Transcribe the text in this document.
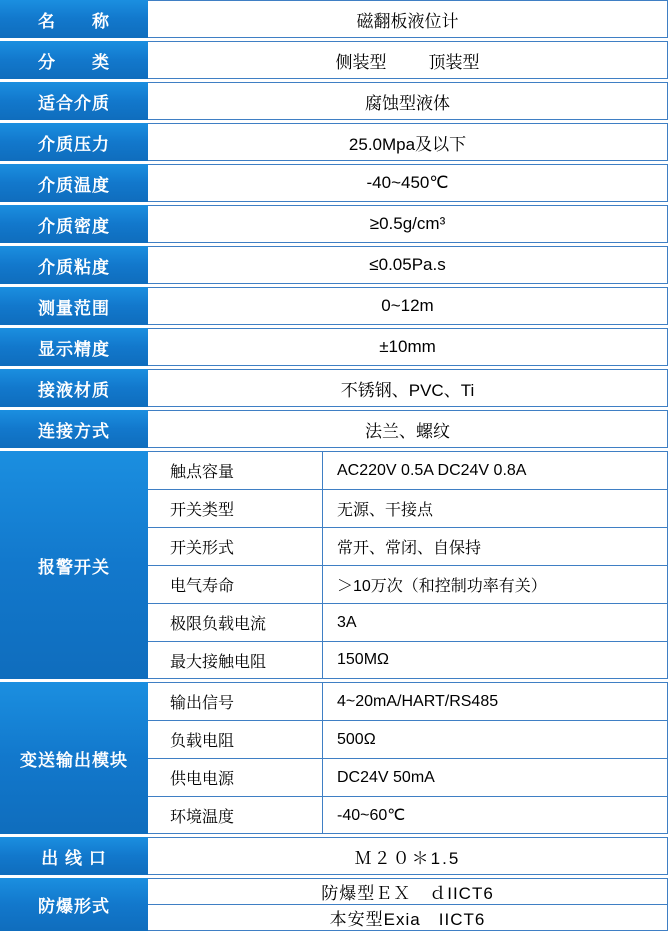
名　　称	磁翻板液位计
分　　类	侧装型 顶装型
适合介质	腐蚀型液体
介质压力	25.0Mpa及以下
介质温度	-40~450℃
介质密度	≥0.5g/cm³
介质粘度	≤0.05Pa.s
测量范围	0~12m
显示精度	±10mm
接液材质	不锈钢、PVC、Ti
连接方式	法兰、螺纹
报警开关
触点容量	AC220V 0.5A DC24V 0.8A
开关类型	无源、干接点
开关形式	常开、常闭、自保持
电气寿命	＞10万次（和控制功率有关）
极限负载电流	3A
最大接触电阻	150MΩ
变送输出模块
输出信号	4~20mA/HART/RS485
负载电阻	500Ω
供电电源	DC24V 50mA
环境温度	-40~60℃
出 线 口	Ｍ２０＊1.5
防爆形式
防爆型ＥＸ　ｄIICT6
本安型Exia　IICT6
